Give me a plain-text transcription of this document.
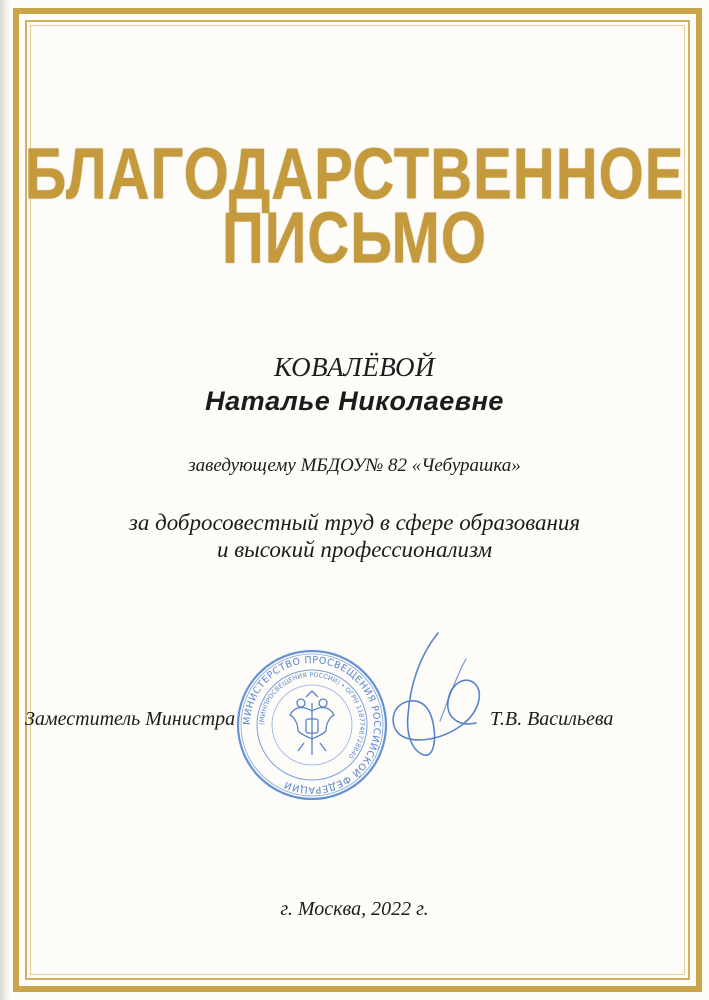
БЛАГОДАРСТВЕННОЕ
ПИСЬМО

КОВАЛЁВОЙ

Наталье Николаевне

заведующему МБДОУ№ 82 «Чебурашка»

за добросовестный труд в сфере образования

и высокий профессионализм

МИНИСТЕРСТВО ПРОСВЕЩЕНИЯ РОССИЙСКОЙ ФЕДЕРАЦИИ
(МИНПРОСВЕЩЕНИЯ РОССИИ) • ОГРН 1187746728840

Заместитель Министра	Т.В. Васильева

г. Москва, 2022 г.
